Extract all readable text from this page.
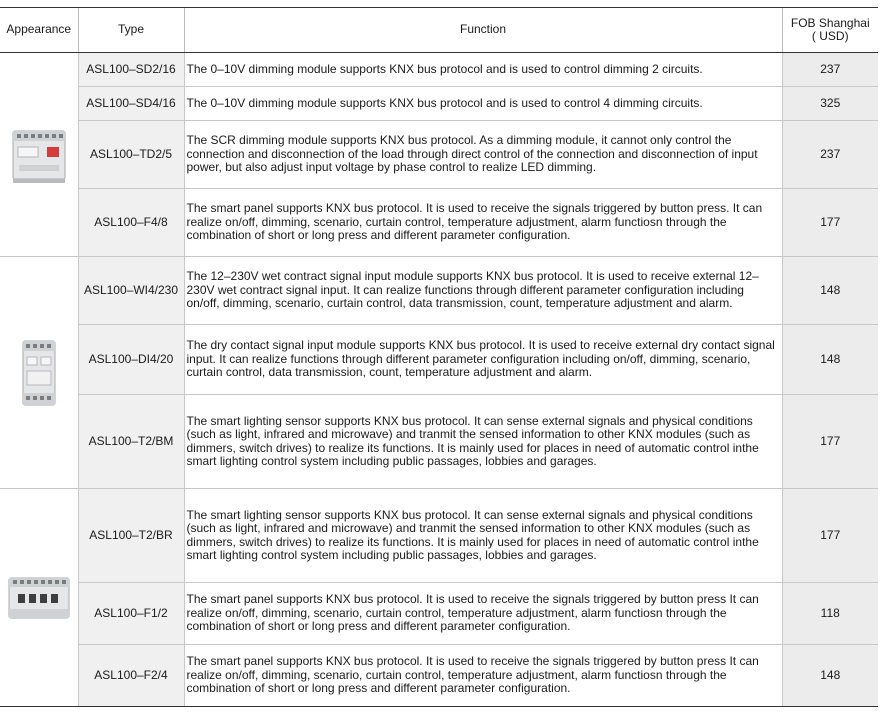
Appearance	Type	Function	FOB Shanghai
( USD)

	ASL100–SD2/16	The 0–10V dimming module supports KNX bus protocol and is used to control dimming 2 circuits.	237
	ASL100–SD4/16	The 0–10V dimming module supports KNX bus protocol and is used to control 4 dimming circuits.	325
	ASL100–TD2/5	The SCR dimming module supports KNX bus protocol. As a dimming module, it cannot only control the connection and disconnection of the load through direct control of the connection and disconnection of input power, but also adjust input voltage by phase control to realize LED dimming.	237
	ASL100–F4/8	The smart panel supports KNX bus protocol. It is used to receive the signals triggered by button press. It can realize on/off, dimming, scenario, curtain control, temperature adjustment, alarm functiosn through the combination of short or long press and different parameter configuration.	177

	ASL100–WI4/230	The 12–230V wet contract signal input module supports KNX bus protocol. It is used to receive external 12–230V wet contract signal input. It can realize functions through different parameter configuration including on/off, dimming, scenario, curtain control, data transmission, count, temperature adjustment and alarm.	148
	ASL100–DI4/20	The dry contact signal input module supports KNX bus protocol. It is used to receive external dry contact signal input. It can realize functions through different parameter configuration including on/off, dimming, scenario, curtain control, data transmission, count, temperature adjustment and alarm.	148
	ASL100–T2/BM	The smart lighting sensor supports KNX bus protocol. It can sense external signals and physical conditions (such as light, infrared and microwave) and tranmit the sensed information to other KNX modules (such as dimmers, switch drives) to realize its functions. It is mainly used for places in need of automatic control inthe smart lighting control system including public passages, lobbies and garages.	177

	ASL100–T2/BR	The smart lighting sensor supports KNX bus protocol. It can sense external signals and physical conditions (such as light, infrared and microwave) and tranmit the sensed information to other KNX modules (such as dimmers, switch drives) to realize its functions. It is mainly used for places in need of automatic control inthe smart lighting control system including public passages, lobbies and garages.	177
	ASL100–F1/2	The smart panel supports KNX bus protocol. It is used to receive the signals triggered by button press It can realize on/off, dimming, scenario, curtain control, temperature adjustment, alarm functiosn through the combination of short or long press and different parameter configuration.	118
	ASL100–F2/4	The smart panel supports KNX bus protocol. It is used to receive the signals triggered by button press It can realize on/off, dimming, scenario, curtain control, temperature adjustment, alarm functiosn through the combination of short or long press and different parameter configuration.	148
